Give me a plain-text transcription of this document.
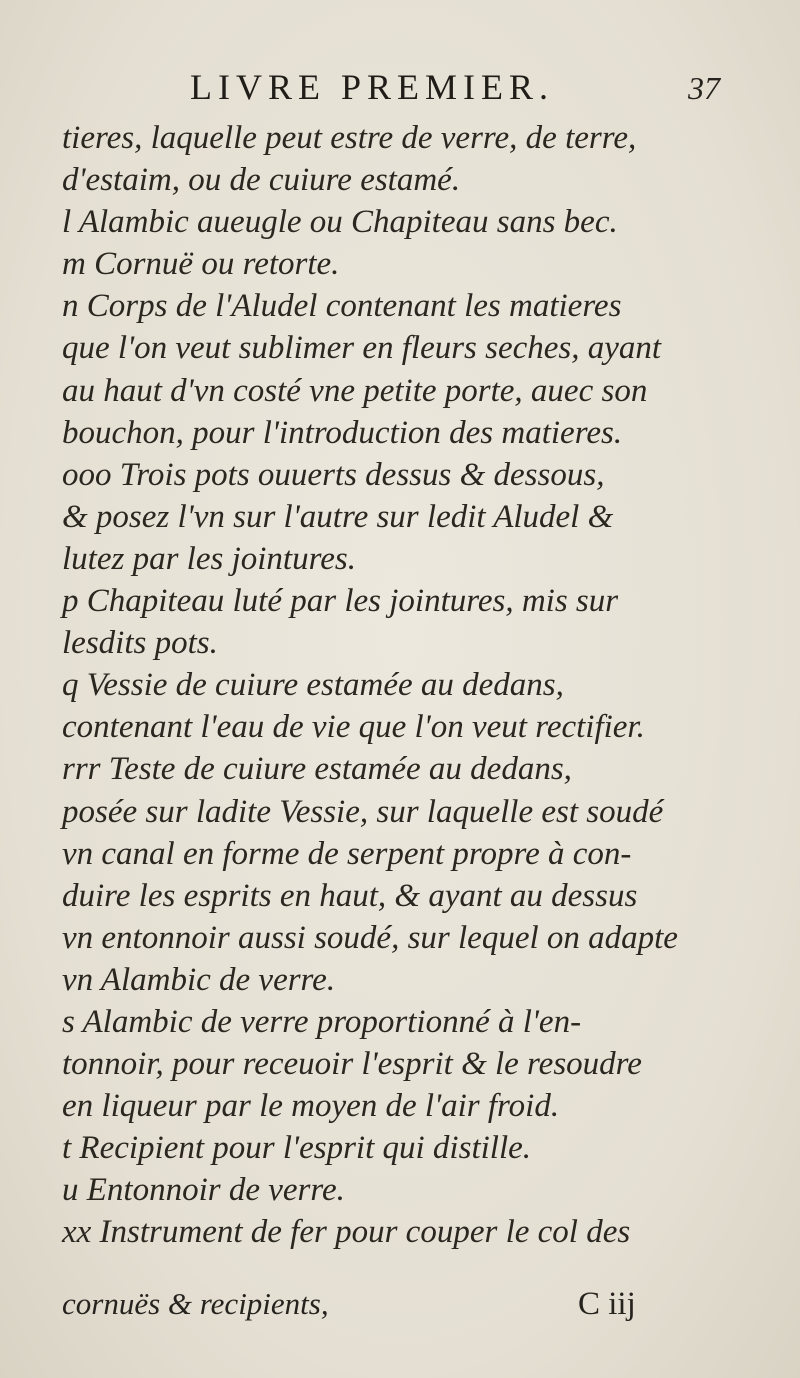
LIVRE PREMIER.	37
tieres, laquelle peut estre de verre, de terre,
d'estaim, ou de cuiure estamé.
l Alambic aueugle ou Chapiteau sans bec.
m Cornuë ou retorte.
n Corps de l'Aludel contenant les matieres
que l'on veut sublimer en fleurs seches, ayant
au haut d'vn costé vne petite porte, auec son
bouchon, pour l'introduction des matieres.
ooo Trois pots ouuerts dessus & dessous,
& posez l'vn sur l'autre sur ledit Aludel &
lutez par les jointures.
p Chapiteau luté par les jointures, mis sur
lesdits pots.
q Vessie de cuiure estamée au dedans,
contenant l'eau de vie que l'on veut rectifier.
rrr Teste de cuiure estamée au dedans,
posée sur ladite Vessie, sur laquelle est soudé
vn canal en forme de serpent propre à con-
duire les esprits en haut, & ayant au dessus
vn entonnoir aussi soudé, sur lequel on adapte
vn Alambic de verre.
s Alambic de verre proportionné à l'en-
tonnoir, pour receuoir l'esprit & le resoudre
en liqueur par le moyen de l'air froid.
t Recipient pour l'esprit qui distille.
u Entonnoir de verre.
xx Instrument de fer pour couper le col des
cornuës & recipients,	C iij
